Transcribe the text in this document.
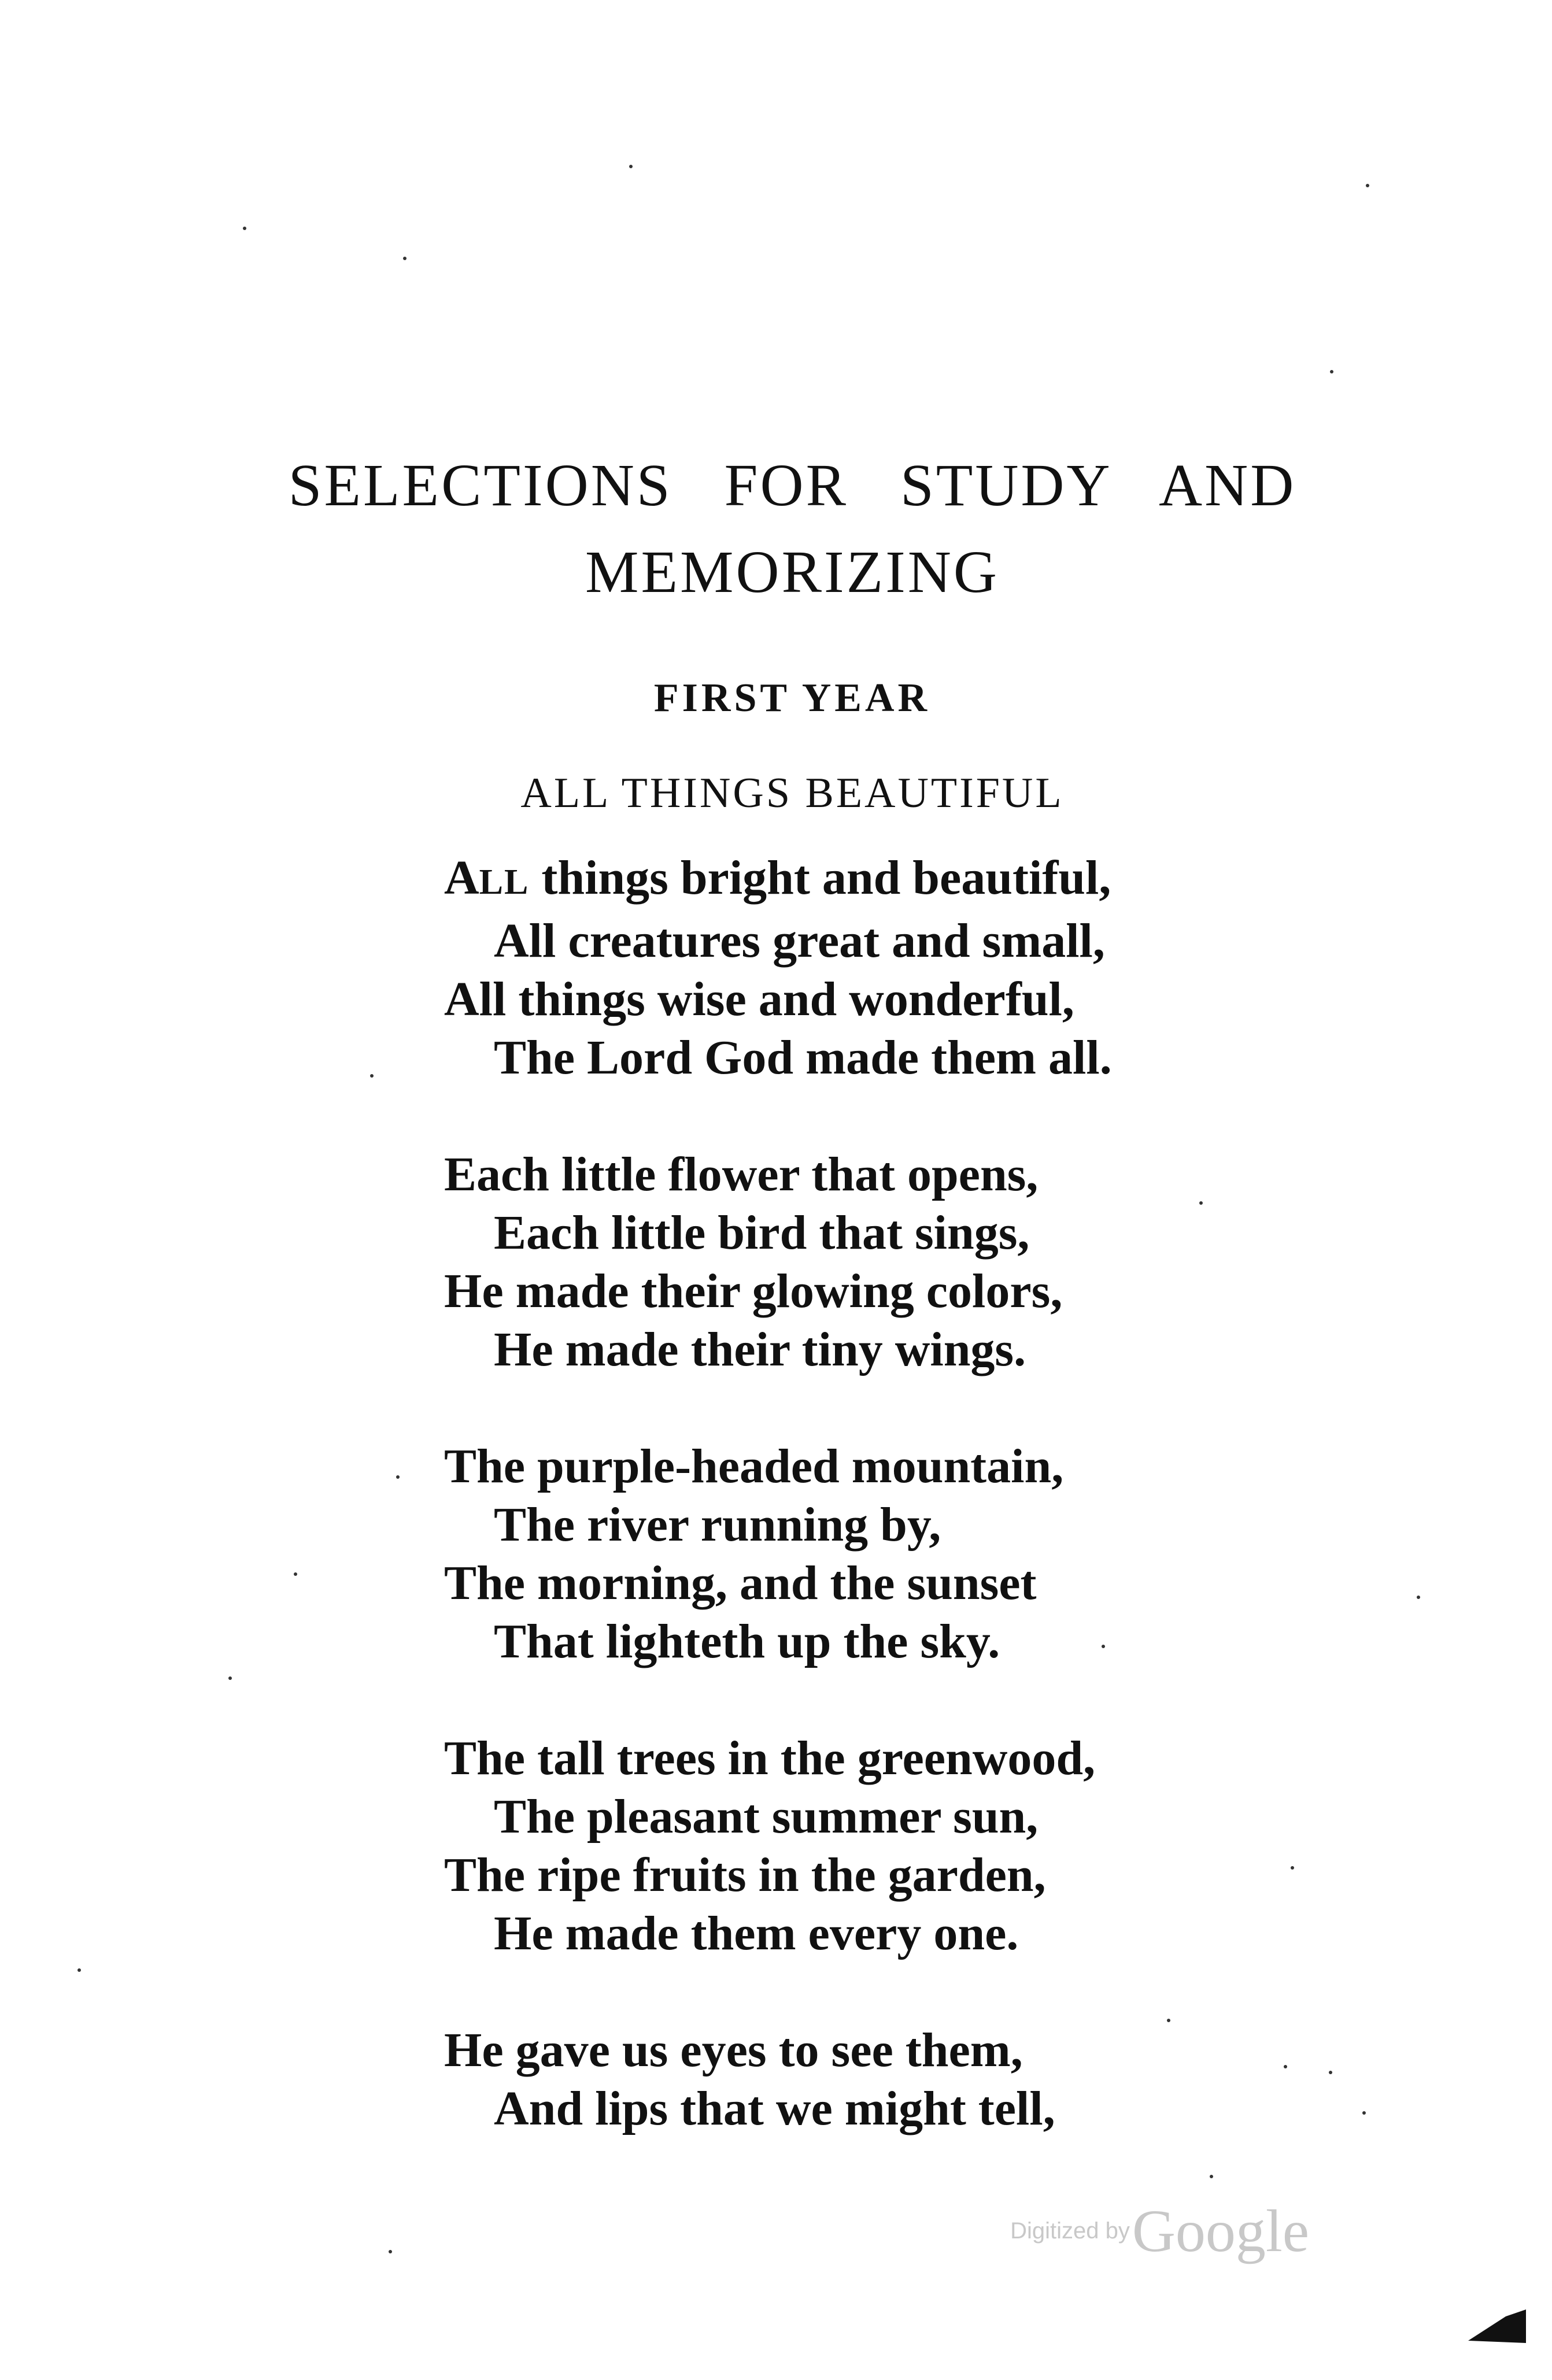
SELECTIONS FOR STUDY AND
MEMORIZING
FIRST YEAR
ALL THINGS BEAUTIFUL
ALL things bright and beautiful,
All creatures great and small,
All things wise and wonderful,
The Lord God made them all.
Each little flower that opens,
Each little bird that sings,
He made their glowing colors,
He made their tiny wings.
The purple-headed mountain,
The river running by,
The morning, and the sunset
That lighteth up the sky.
The tall trees in the greenwood,
The pleasant summer sun,
The ripe fruits in the garden,
He made them every one.
He gave us eyes to see them,
And lips that we might tell,
Digitized by Google
